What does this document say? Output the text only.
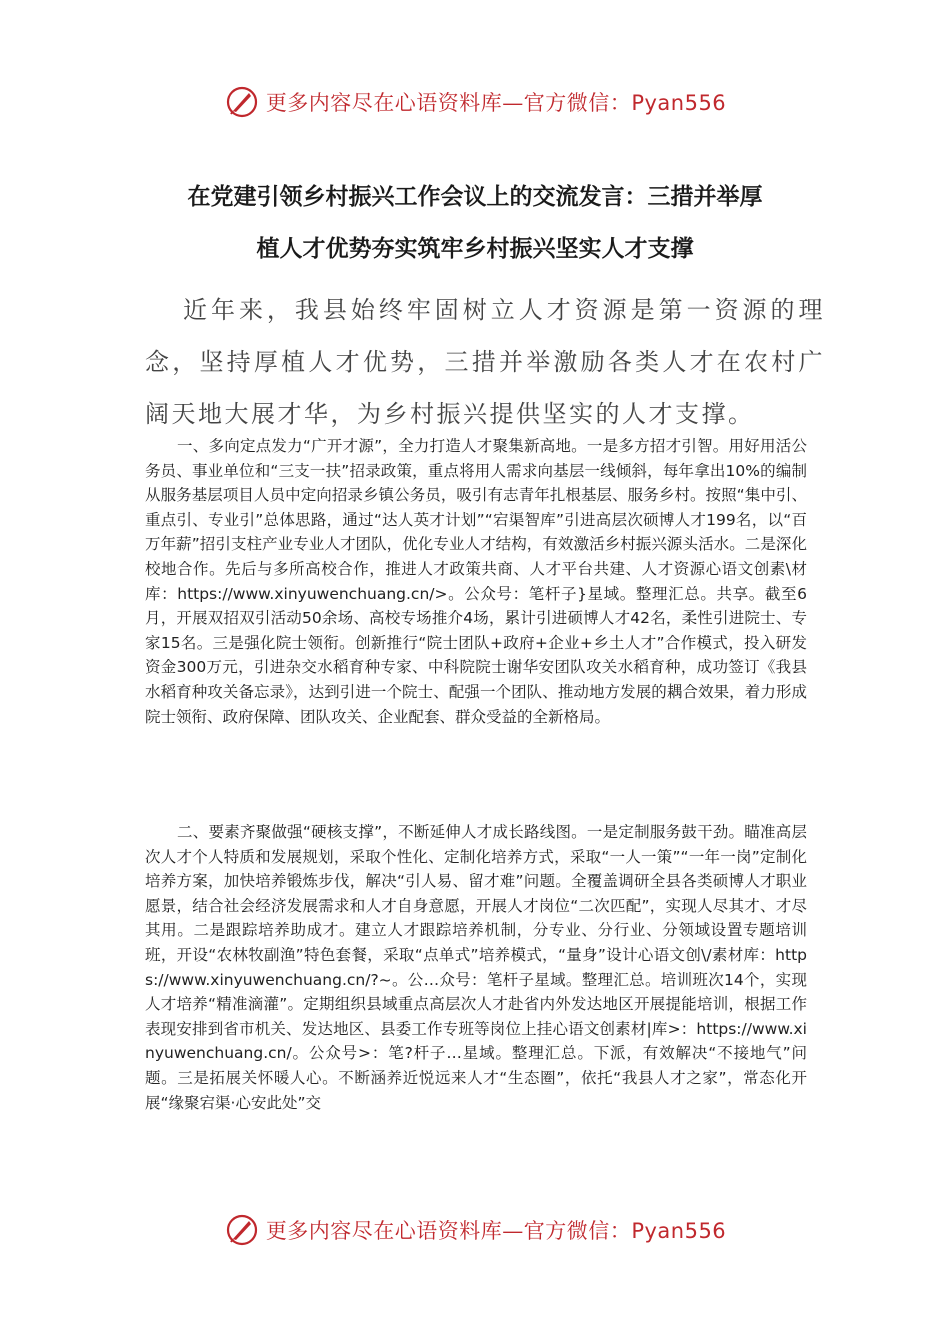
更多内容尽在心语资料库—官方微信：Pyan556
在党建引领乡村振兴工作会议上的交流发言：三措并举厚
植人才优势夯实筑牢乡村振兴坚实人才支撑

近年来，我县始终牢固树立人才资源是第一资源的理念，坚持厚植人才优势，三措并举激励各类人才在农村广阔天地大展才华，为乡村振兴提供坚实的人才支撑。

一、多向定点发力“广开才源”，全力打造人才聚集新高地。一是多方招才引智。用好用活公务员、事业单位和“三支一扶”招录政策，重点将用人需求向基层一线倾斜，每年拿出10%的编制从服务基层项目人员中定向招录乡镇公务员，吸引有志青年扎根基层、服务乡村。按照“集中引、重点引、专业引”总体思路，通过“达人英才计划”“宕渠智库”引进高层次硕博人才199名，以“百万年薪”招引支柱产业专业人才团队，优化专业人才结构，有效激活乡村振兴源头活水。二是深化校地合作。先后与多所高校合作，推进人才政策共商、人才平台共建、人才资源心语文创素\材库：https://www.xinyuwenchuang.cn/>。公众号：笔杆子}星域。整理汇总。共享。截至6月，开展双招双引活动50余场、高校专场推介4场，累计引进硕博人才42名，柔性引进院士、专家15名。三是强化院士领衔。创新推行“院士团队+政府+企业+乡土人才”合作模式，投入研发资金300万元，引进杂交水稻育种专家、中科院院士谢华安团队攻关水稻育种，成功签订《我县水稻育种攻关备忘录》，达到引进一个院士、配强一个团队、推动地方发展的耦合效果，着力形成院士领衔、政府保障、团队攻关、企业配套、群众受益的全新格局。

二、要素齐聚做强“硬核支撑”，不断延伸人才成长路线图。一是定制服务鼓干劲。瞄准高层次人才个人特质和发展规划，采取个性化、定制化培养方式，采取“一人一策”“一年一岗”定制化培养方案，加快培养锻炼步伐，解决“引人易、留才难”问题。全覆盖调研全县各类硕博人才职业愿景，结合社会经济发展需求和人才自身意愿，开展人才岗位“二次匹配”，实现人尽其才、才尽其用。二是跟踪培养助成才。建立人才跟踪培养机制，分专业、分行业、分领域设置专题培训班，开设“农林牧副渔”特色套餐，采取“点单式”培养模式，“量身”设计心语文创\/素材库：https://www.xinyuwenchuang.cn/?~。公…众号：笔杆子星域。整理汇总。培训班次14个，实现人才培养“精准滴灌”。定期组织县域重点高层次人才赴省内外发达地区开展提能培训，根据工作表现安排到省市机关、发达地区、县委工作专班等岗位上挂心语文创素材|库>：https://www.xinyuwenchuang.cn/。公众号>：笔?杆子…星域。整理汇总。下派，有效解决“不接地气”问题。三是拓展关怀暖人心。不断涵养近悦远来人才“生态圈”，依托“我县人才之家”，常态化开展“缘聚宕渠·心安此处”交

更多内容尽在心语资料库—官方微信：Pyan556
